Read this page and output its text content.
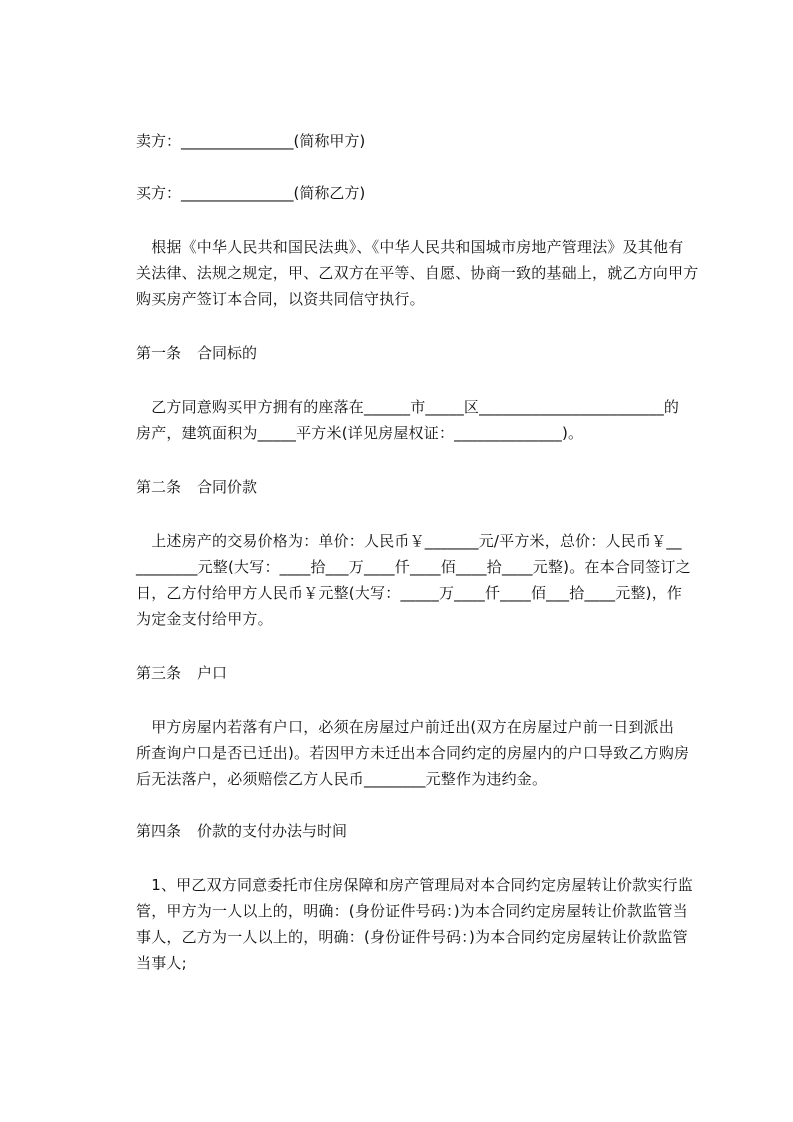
卖方：_______________(简称甲方)

买方：_______________(简称乙方)

　根据《中华人民共和国民法典》、《中华人民共和国城市房地产管理法》及其他有
关法律、法规之规定，甲、乙双方在平等、自愿、协商一致的基础上，就乙方向甲方
购买房产签订本合同，以资共同信守执行。

第一条 合同标的

　乙方同意购买甲方拥有的座落在______市_____区________________________的
房产，建筑面积为_____平方米(详见房屋权证：______________)。

第二条 合同价款

　上述房产的交易价格为：单价：人民币￥_______元/平方米，总价：人民币￥__
________元整(大写：____拾___万____仟____佰____拾____元整)。在本合同签订之
日，乙方付给甲方人民币￥元整(大写：_____万____仟____佰___拾____元整)，作
为定金支付给甲方。

第三条 户口

　甲方房屋内若落有户口，必须在房屋过户前迁出(双方在房屋过户前一日到派出
所查询户口是否已迁出)。若因甲方未迁出本合同约定的房屋内的户口导致乙方购房
后无法落户，必须赔偿乙方人民币________元整作为违约金。

第四条 价款的支付办法与时间

　1、甲乙双方同意委托市住房保障和房产管理局对本合同约定房屋转让价款实行监
管，甲方为一人以上的，明确：(身份证件号码：)为本合同约定房屋转让价款监管当
事人，乙方为一人以上的，明确：(身份证件号码：)为本合同约定房屋转让价款监管
当事人;
